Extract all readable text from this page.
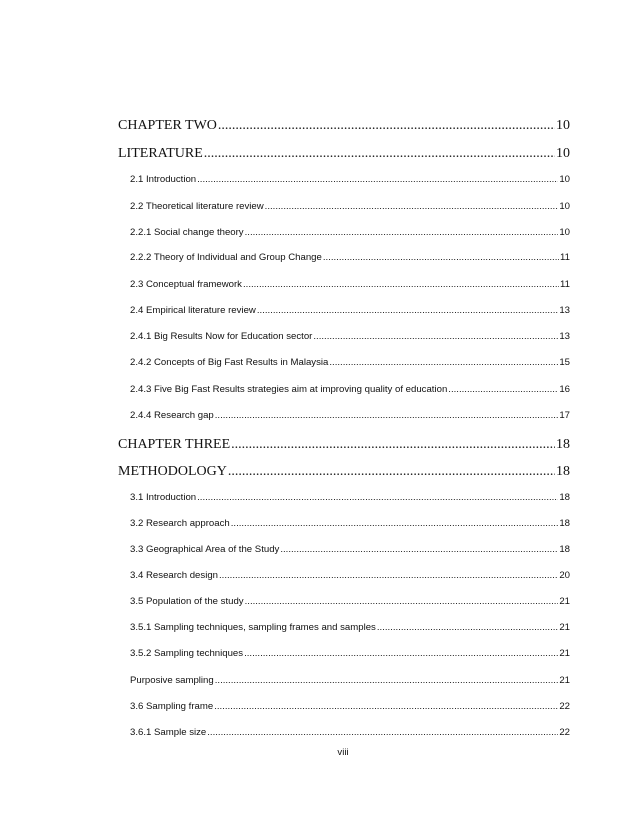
CHAPTER TWO .....	10
LITERATURE .....	10
2.1 Introduction .....	10
2.2 Theoretical literature review .....	10
2.2.1 Social change theory .....	10
2.2.2 Theory of Individual and Group Change .....	11
2.3 Conceptual framework .....	11
2.4 Empirical literature review .....	13
2.4.1 Big Results Now for Education sector .....	13
2.4.2 Concepts of Big Fast Results in Malaysia .....	15
2.4.3 Five Big Fast Results strategies aim at improving quality of education .....	16
2.4.4 Research gap .....	17
CHAPTER THREE .....	18
METHODOLOGY .....	18
3.1 Introduction .....	18
3.2 Research approach .....	18
3.3 Geographical Area of the Study .....	18
3.4 Research design .....	20
3.5 Population of the study .....	21
3.5.1 Sampling techniques, sampling frames and samples .....	21
3.5.2 Sampling techniques .....	21
Purposive sampling .....	21
3.6 Sampling frame .....	22
3.6.1 Sample size .....	22
viii
